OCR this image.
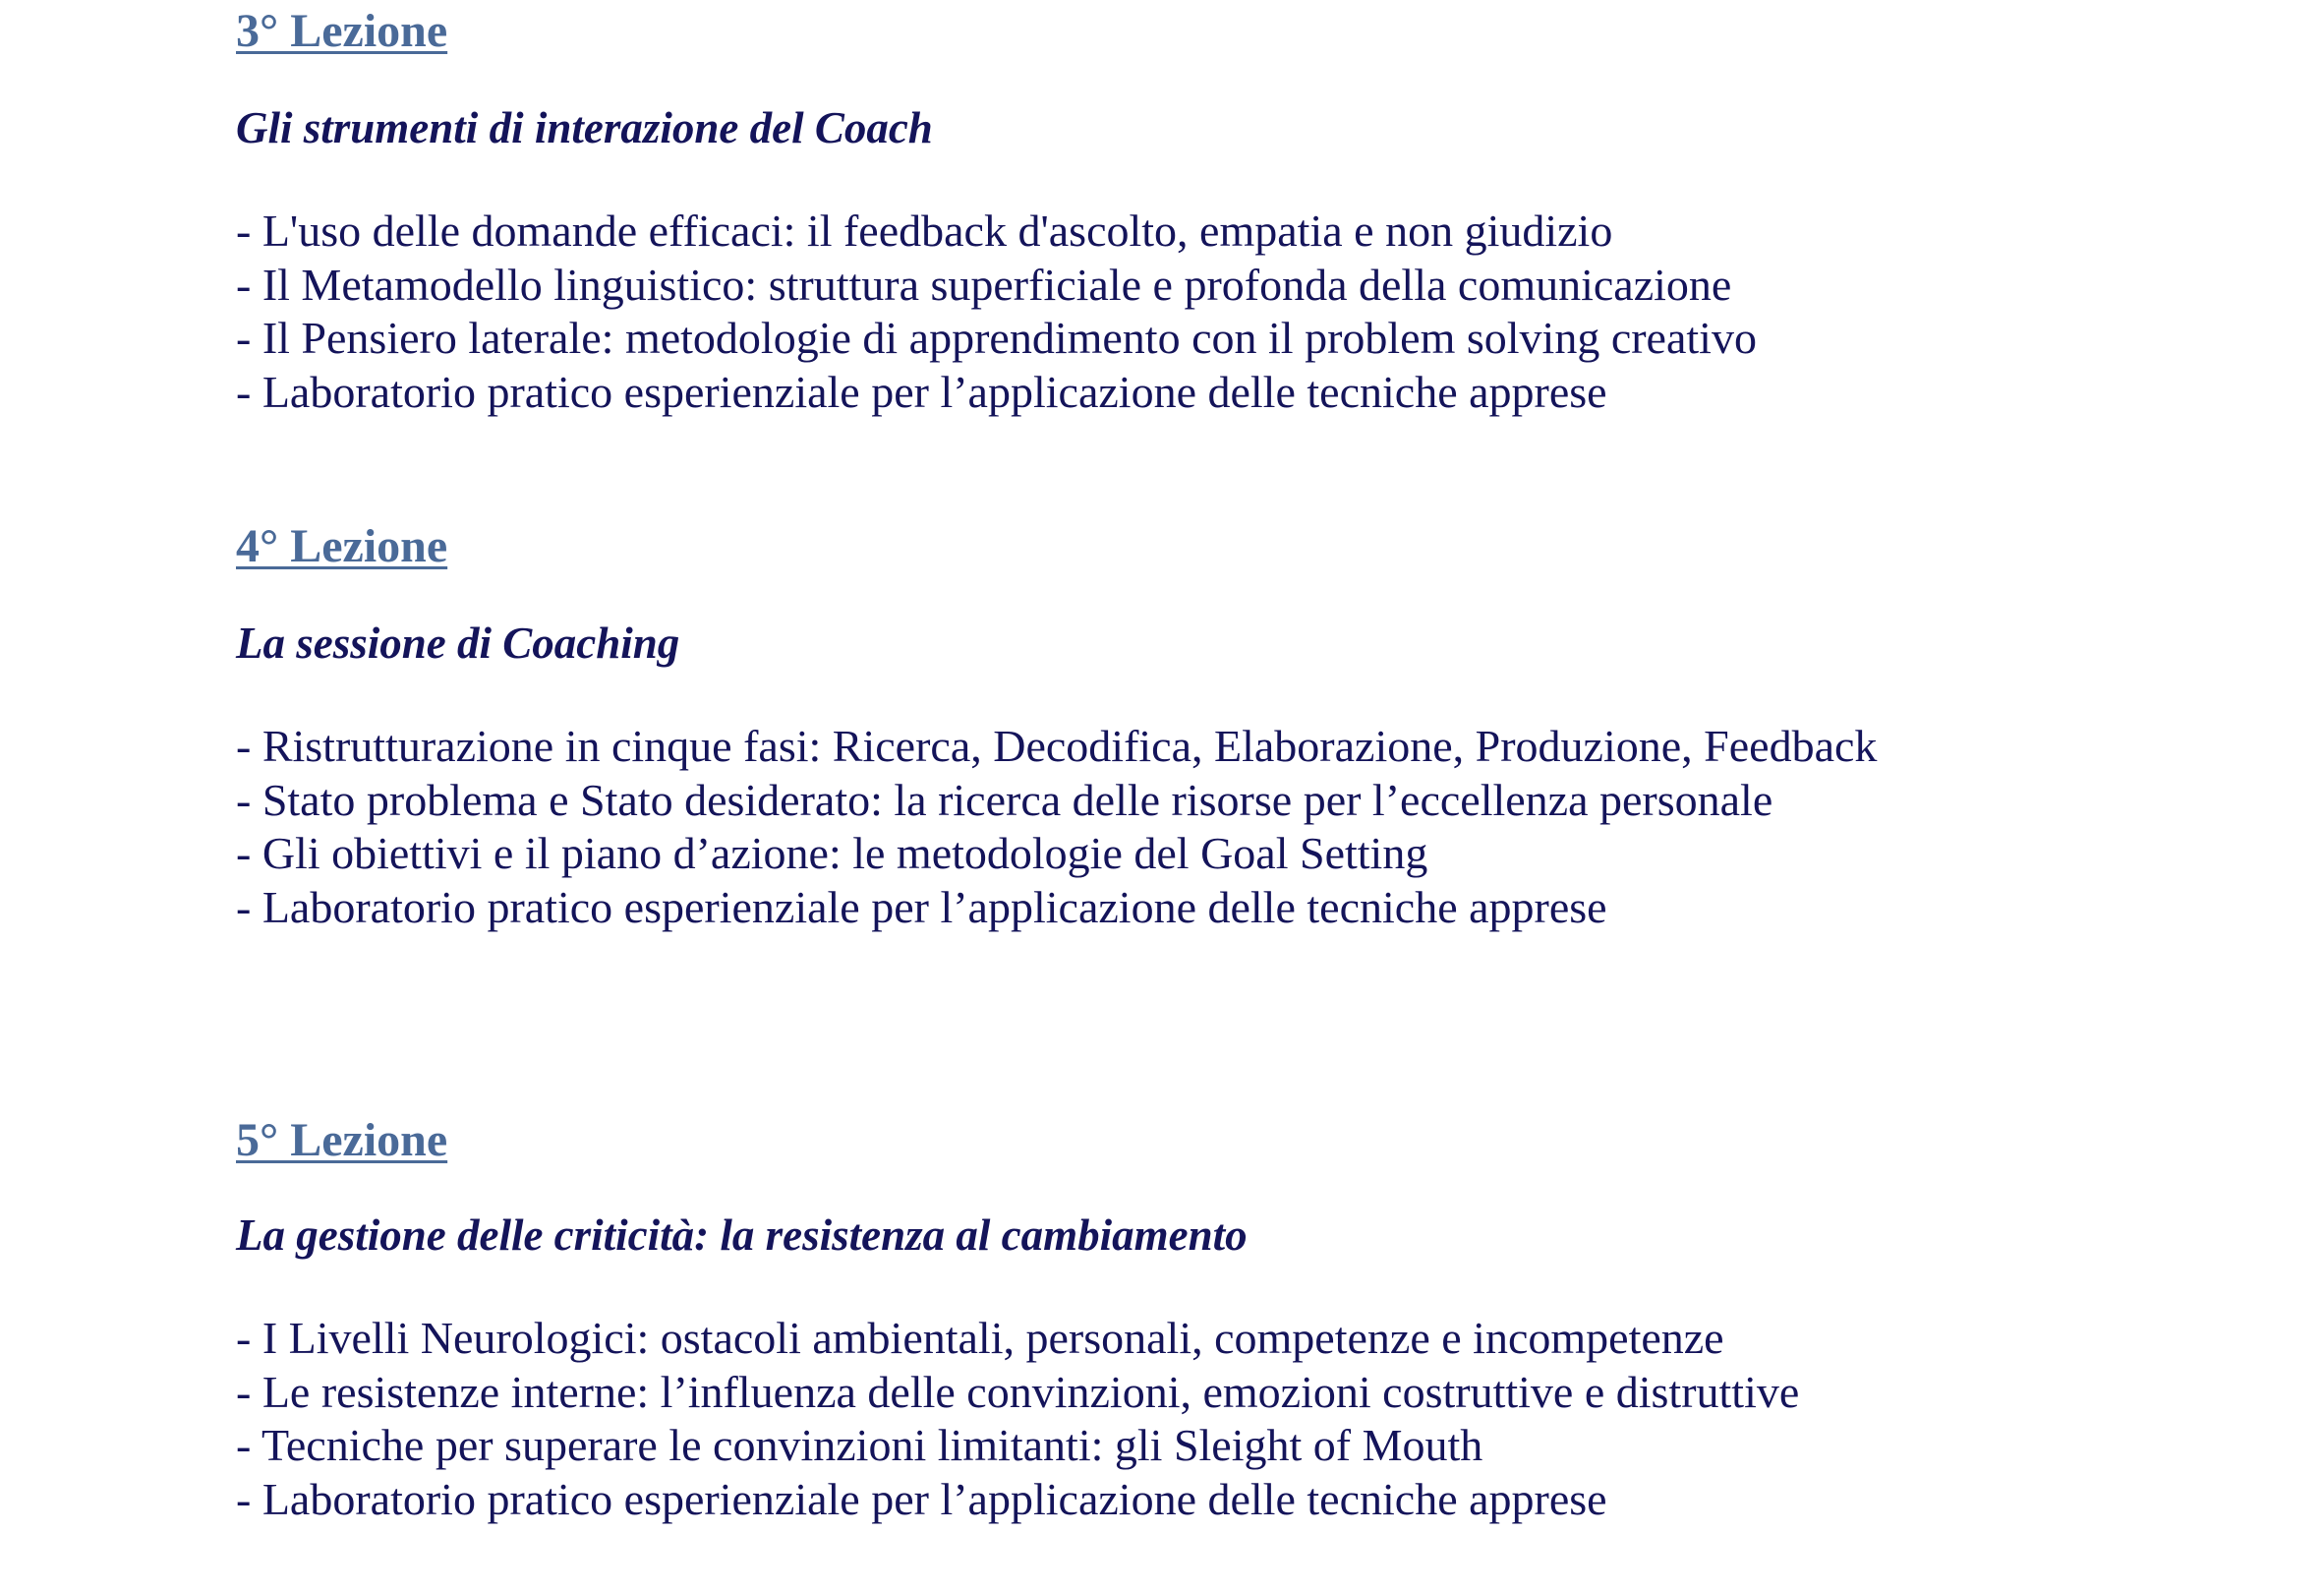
3° Lezione
Gli strumenti di interazione del Coach
- L'uso delle domande efficaci: il feedback d'ascolto, empatia e non giudizio
- Il Metamodello linguistico: struttura superficiale e profonda della comunicazione
- Il Pensiero laterale: metodologie di apprendimento con il problem solving creativo
- Laboratorio pratico esperienziale per l’applicazione delle tecniche apprese
4° Lezione
La sessione di Coaching
- Ristrutturazione in cinque fasi: Ricerca, Decodifica, Elaborazione, Produzione, Feedback
- Stato problema e Stato desiderato: la ricerca delle risorse per l’eccellenza personale
- Gli obiettivi e il piano d’azione: le metodologie del Goal Setting
- Laboratorio pratico esperienziale per l’applicazione delle tecniche apprese
5° Lezione
La gestione delle criticità: la resistenza al cambiamento
- I Livelli Neurologici: ostacoli ambientali, personali, competenze e incompetenze
- Le resistenze interne: l’influenza delle convinzioni, emozioni costruttive e distruttive
- Tecniche per superare le convinzioni limitanti: gli Sleight of Mouth
- Laboratorio pratico esperienziale per l’applicazione delle tecniche apprese
